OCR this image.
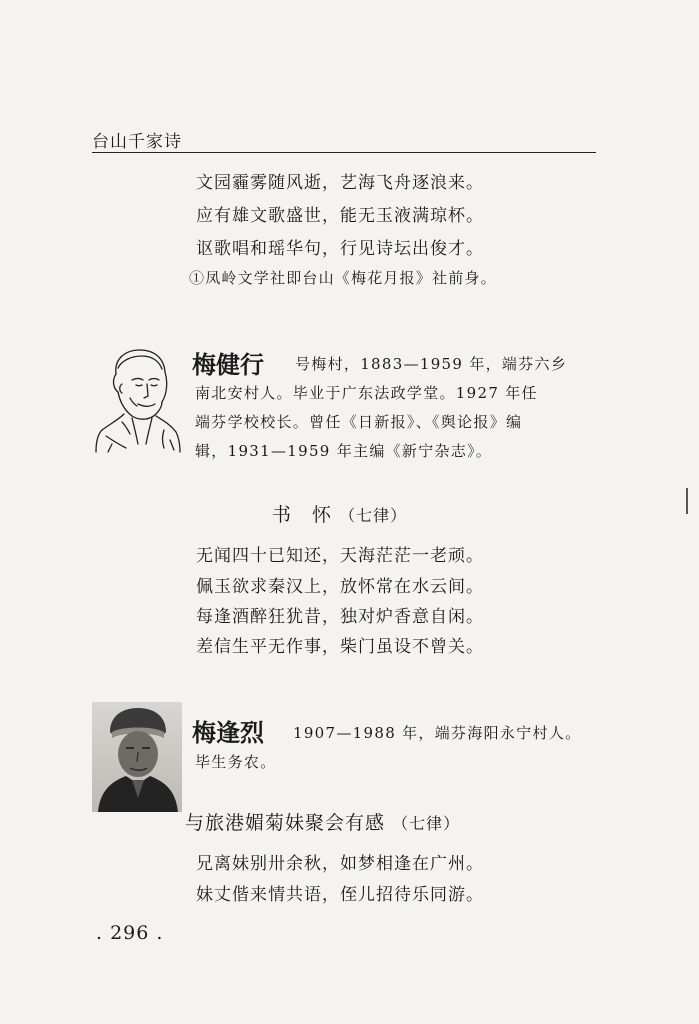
台山千家诗
文园霾雾随风逝，艺海飞舟逐浪来。
应有雄文歌盛世，能无玉液满琼杯。
讴歌唱和瑶华句，行见诗坛出俊才。
①凤岭文学社即台山《梅花月报》社前身。
梅健行 号梅村，1883—1959 年，端芬六乡
南北安村人。毕业于广东法政学堂。1927 年任
端芬学校校长。曾任《日新报》、《舆论报》编
辑，1931—1959 年主编《新宁杂志》。
书　怀 （七律）
无闻四十已知还，天海茫茫一老顽。
佩玉欲求秦汉上，放怀常在水云间。
每逢酒醉狂犹昔，独对炉香意自闲。
差信生平无作事，柴门虽设不曾关。
梅逢烈 1907—1988 年，端芬海阳永宁村人。
毕生务农。
与旅港媚菊妹聚会有感 （七律）
兄离妹别卅余秋，如梦相逢在广州。
妹丈偕来情共语，侄儿招待乐同游。
. 296 .
